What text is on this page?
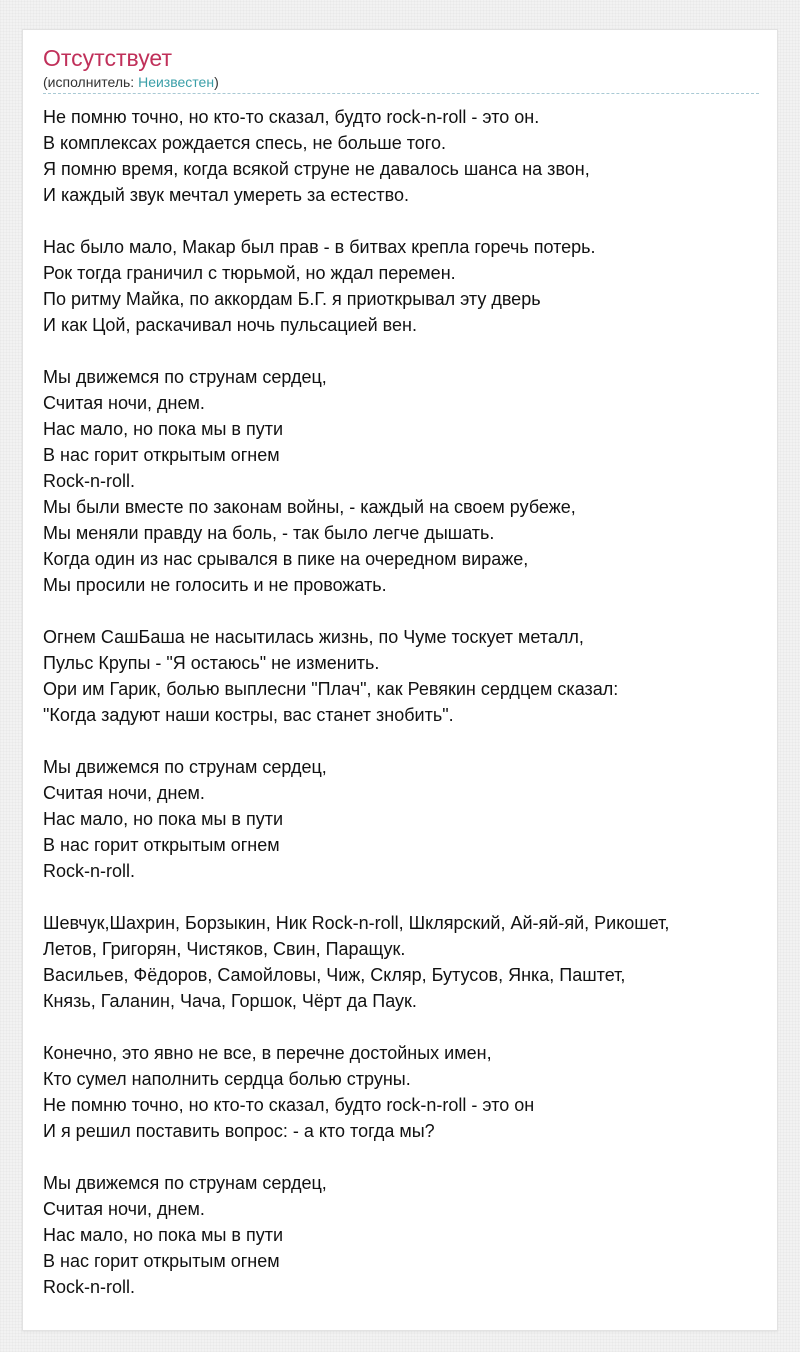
Отсутствует
(исполнитель: Неизвестен)
Не помню точно, но кто-то сказал, будто rock-n-roll - это он.
В комплексах рождается спесь, не больше того.
Я помню время, когда всякой струне не давалось шанса на звон,
И каждый звук мечтал умереть за естество.
Нас было мало, Макар был прав - в битвах крепла горечь потерь.
Рок тогда граничил с тюрьмой, но ждал перемен.
По ритму Майка, по аккордам Б.Г. я приоткрывал эту дверь
И как Цой, раскачивал ночь пульсацией вен.
Мы движемся по струнам сердец,
Считая ночи, днем.
Нас мало, но пока мы в пути
В нас горит открытым огнем
Rock-n-roll.
Мы были вместе по законам войны, - каждый на своем рубеже,
Мы меняли правду на боль, - так было легче дышать.
Когда один из нас срывался в пике на очередном вираже,
Мы просили не голосить и не провожать.
Огнем СашБаша не насытилась жизнь, по Чуме тоскует металл,
Пульс Крупы - "Я остаюсь" не изменить.
Ори им Гарик, болью выплесни "Плач", как Ревякин сердцем сказал:
"Когда задуют наши костры, вас станет знобить".
Мы движемся по струнам сердец,
Считая ночи, днем.
Нас мало, но пока мы в пути
В нас горит открытым огнем
Rock-n-roll.
Шевчук,Шахрин, Борзыкин, Ник Rock-n-roll, Шклярский, Ай-яй-яй, Рикошет,
Летов, Григорян, Чистяков, Свин, Паращук.
Васильев, Фёдоров, Самойловы, Чиж, Скляр, Бутусов, Янка, Паштет,
Князь, Галанин, Чача, Горшок, Чёрт да Паук.
Конечно, это явно не все, в перечне достойных имен,
Кто сумел наполнить сердца болью струны.
Не помню точно, но кто-то сказал, будто rock-n-roll - это он
И я решил поставить вопрос: - а кто тогда мы?
Мы движемся по струнам сердец,
Считая ночи, днем.
Нас мало, но пока мы в пути
В нас горит открытым огнем
Rock-n-roll.
